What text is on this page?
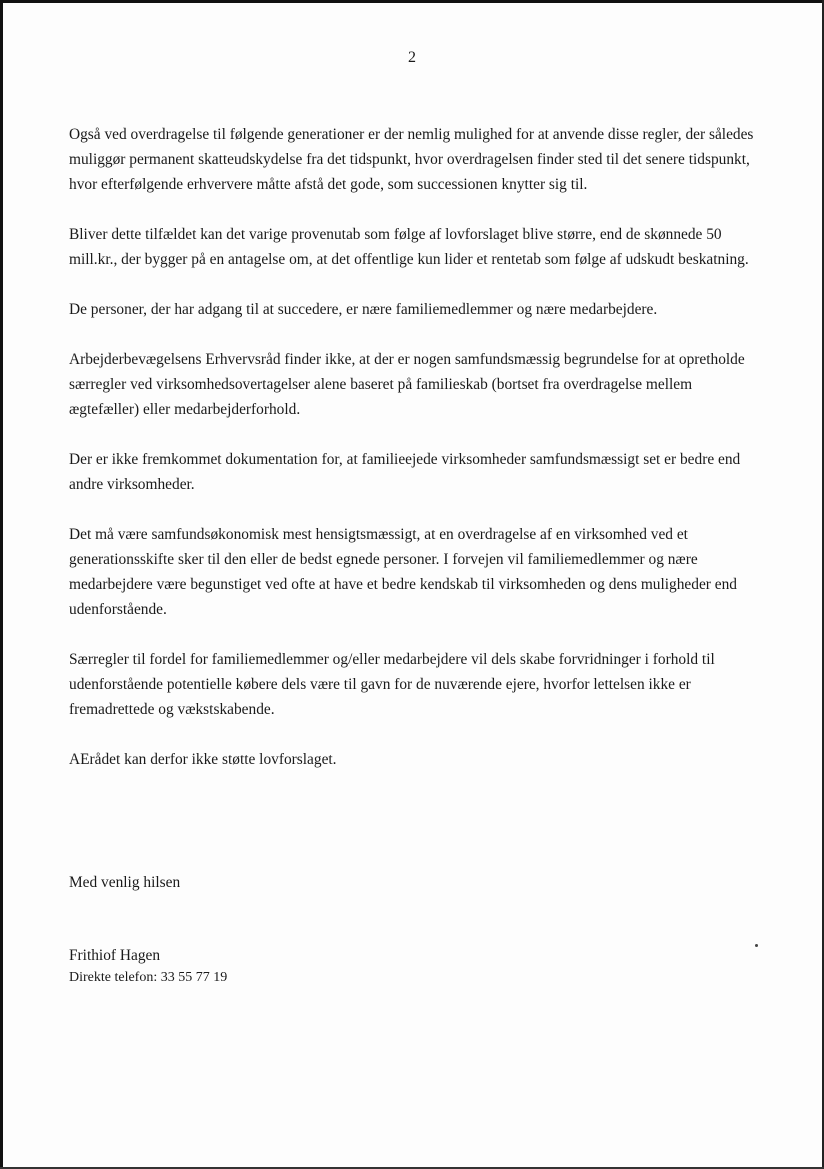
2

Også ved overdragelse til følgende generationer er der nemlig mulighed for at anvende disse regler, der således muliggør permanent skatteudskydelse fra det tidspunkt, hvor overdragelsen finder sted til det senere tidspunkt, hvor efterfølgende erhververe måtte afstå det gode, som successionen knytter sig til.

Bliver dette tilfældet kan det varige provenutab som følge af lovforslaget blive større, end de skønnede 50 mill.kr., der bygger på en antagelse om, at det offentlige kun lider et rentetab som følge af udskudt beskatning.

De personer, der har adgang til at succedere, er nære familiemedlemmer og nære medarbejdere.

Arbejderbevægelsens Erhvervsråd finder ikke, at der er nogen samfundsmæssig begrundelse for at opretholde særregler ved virksomhedsovertagelser alene baseret på familieskab (bortset fra overdragelse mellem ægtefæller) eller medarbejderforhold.

Der er ikke fremkommet dokumentation for, at familieejede virksomheder samfundsmæssigt set er bedre end andre virksomheder.

Det må være samfundsøkonomisk mest hensigtsmæssigt, at en overdragelse af en virksomhed ved et generationsskifte sker til den eller de bedst egnede personer. I forvejen vil familiemedlemmer og nære medarbejdere være begunstiget ved ofte at have et bedre kendskab til virksomheden og dens muligheder end udenforstående.

Særregler til fordel for familiemedlemmer og/eller medarbejdere vil dels skabe forvridninger i forhold til udenforstående potentielle købere dels være til gavn for de nuværende ejere, hvorfor lettelsen ikke er fremadrettede og vækstskabende.

AErådet kan derfor ikke støtte lovforslaget.

Med venlig hilsen
Frithiof Hagen
Direkte telefon: 33 55 77 19
